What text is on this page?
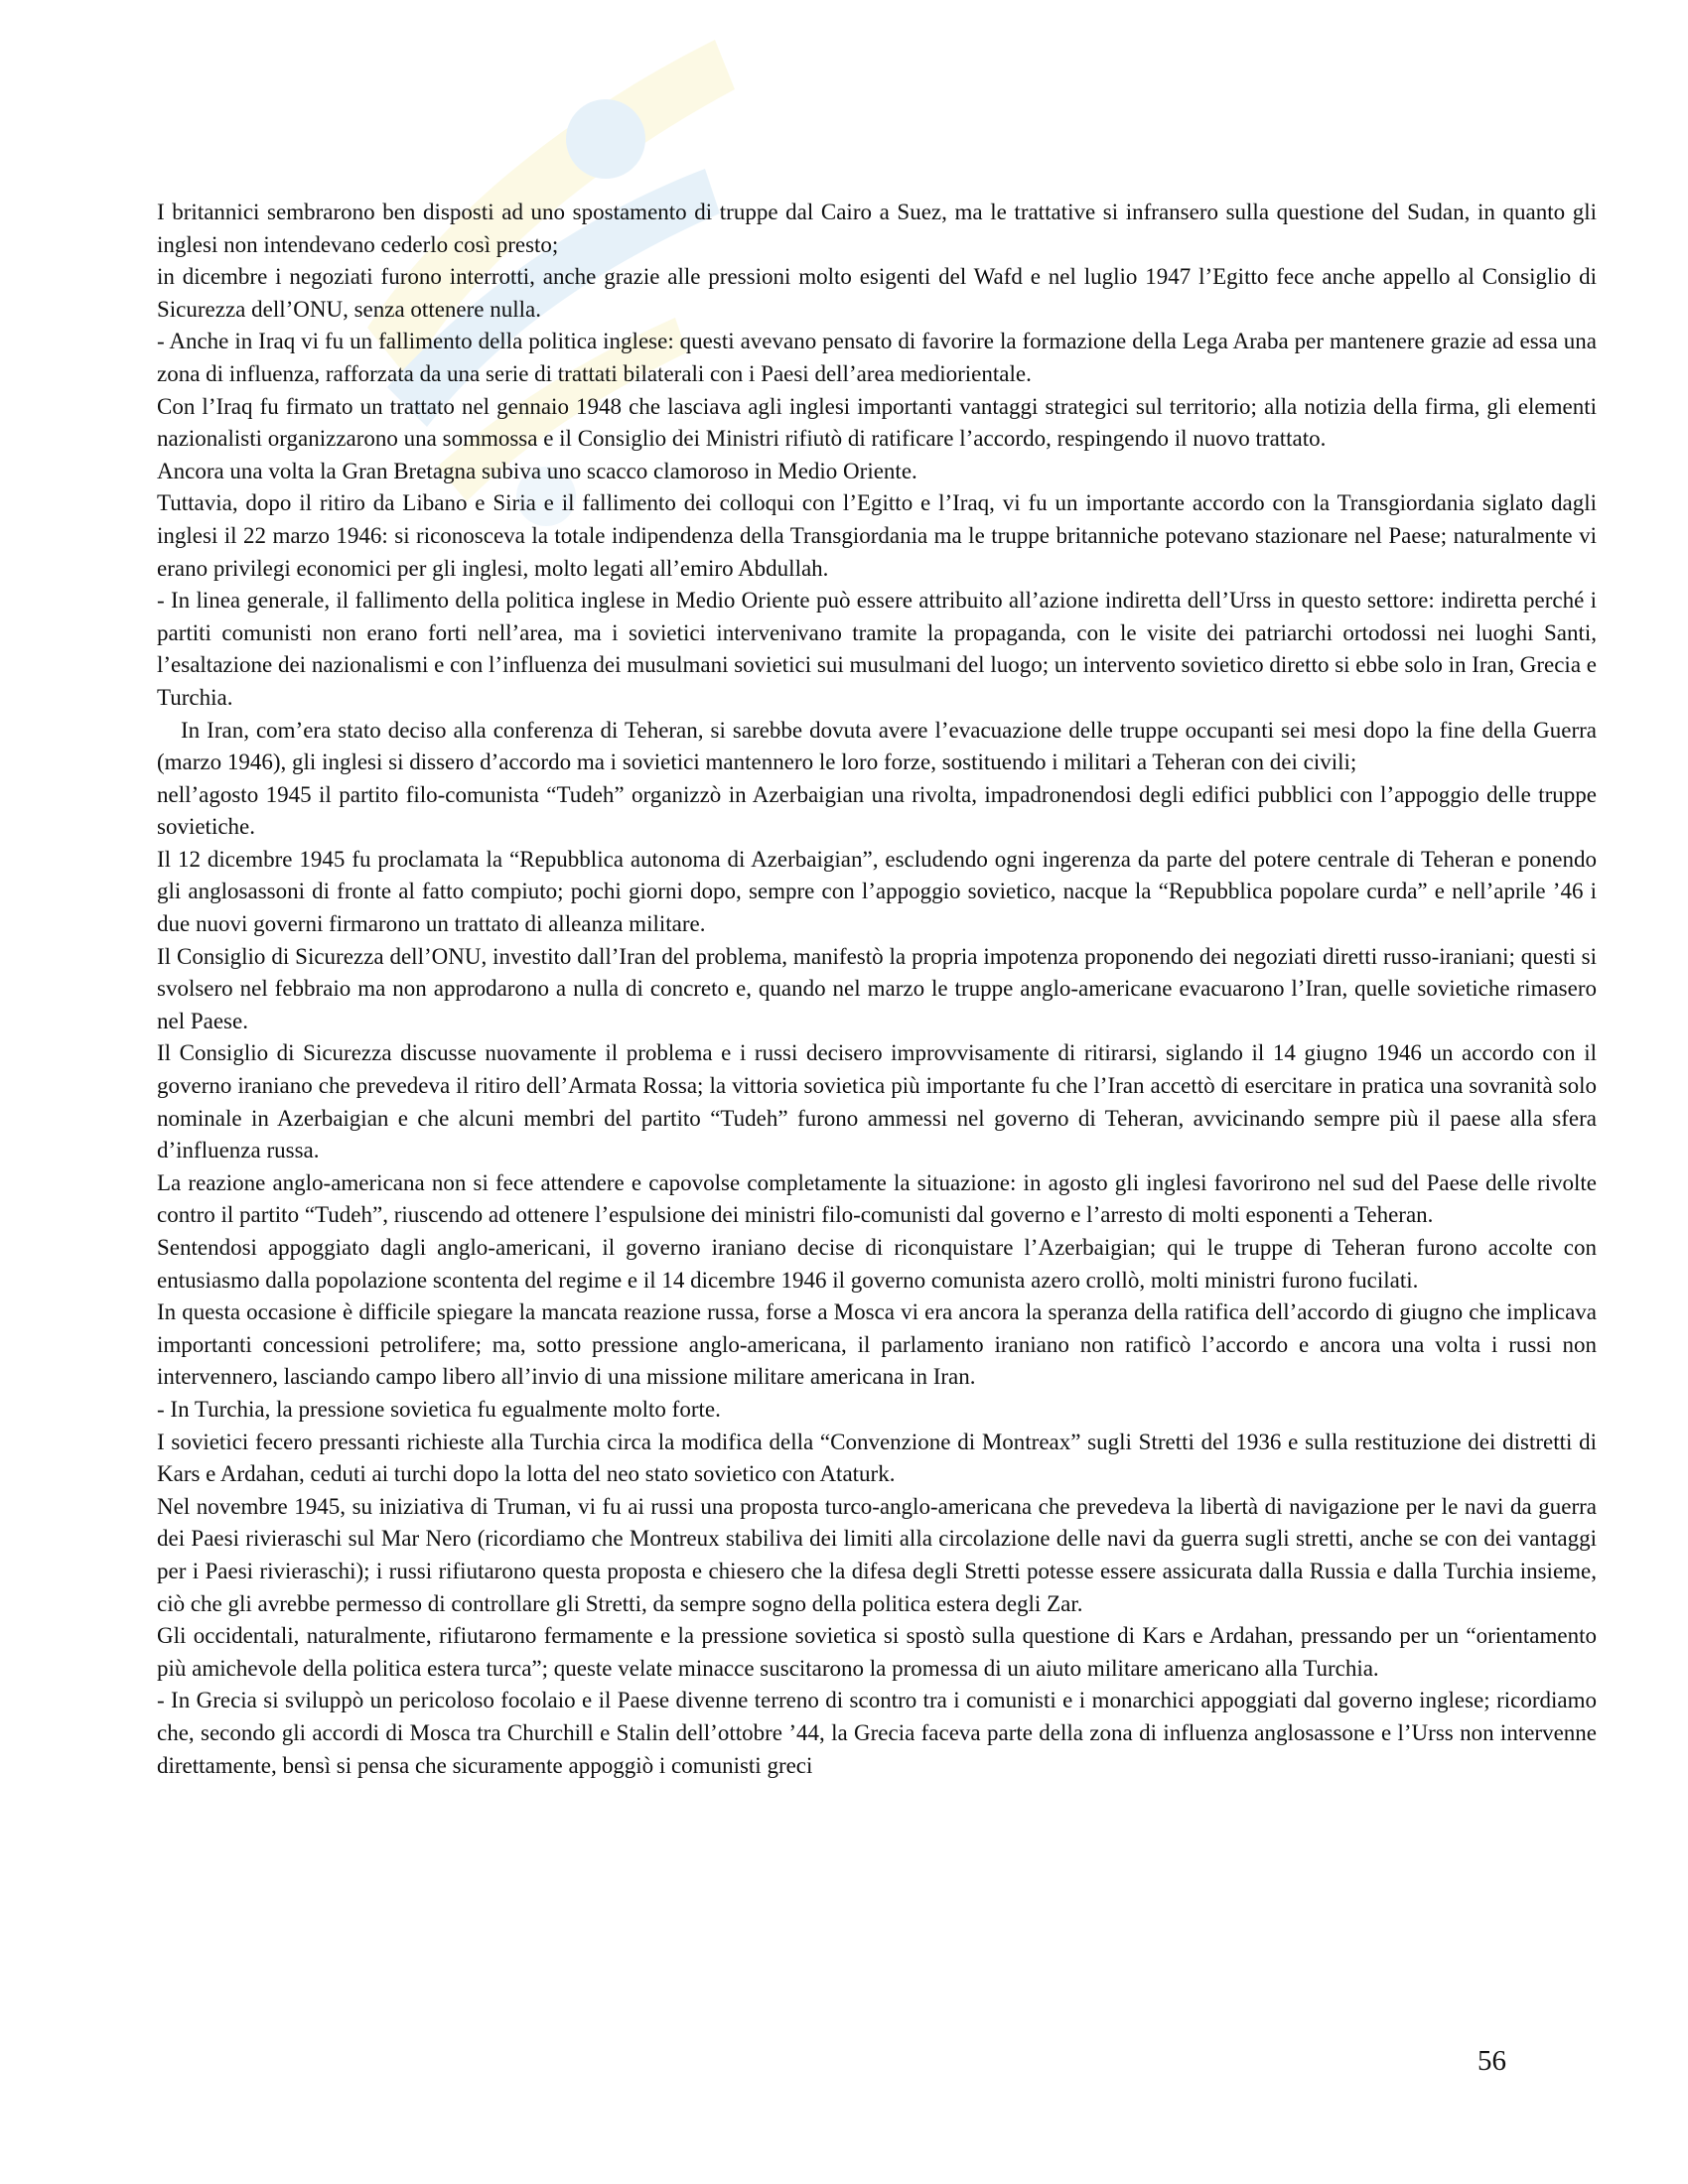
I britannici sembrarono ben disposti ad uno spostamento di truppe dal Cairo a Suez, ma le trattative si infransero sulla questione del Sudan, in quanto gli inglesi non intendevano cederlo così presto;

in dicembre i negoziati furono interrotti, anche grazie alle pressioni molto esigenti del Wafd e nel luglio 1947 l’Egitto fece anche appello al Consiglio di Sicurezza dell’ONU, senza ottenere nulla.

- Anche in Iraq vi fu un fallimento della politica inglese: questi avevano pensato di favorire la formazione della Lega Araba per mantenere grazie ad essa una zona di influenza, rafforzata da una serie di trattati bilaterali con i Paesi dell’area mediorientale.

Con l’Iraq fu firmato un trattato nel gennaio 1948 che lasciava agli inglesi importanti vantaggi strategici sul territorio; alla notizia della firma, gli elementi nazionalisti organizzarono una sommossa e il Consiglio dei Ministri rifiutò di ratificare l’accordo, respingendo il nuovo trattato.

Ancora una volta la Gran Bretagna subiva uno scacco clamoroso in Medio Oriente.

Tuttavia, dopo il ritiro da Libano e Siria e il fallimento dei colloqui con l’Egitto e l’Iraq, vi fu un importante accordo con la Transgiordania siglato dagli inglesi il 22 marzo 1946: si riconosceva la totale indipendenza della Transgiordania ma le truppe britanniche potevano stazionare nel Paese; naturalmente vi erano privilegi economici per gli inglesi, molto legati all’emiro Abdullah.

- In linea generale, il fallimento della politica inglese in Medio Oriente può essere attribuito all’azione indiretta dell’Urss in questo settore: indiretta perché i partiti comunisti non erano forti nell’area, ma i sovietici intervenivano tramite la propaganda, con le visite dei patriarchi ortodossi nei luoghi Santi, l’esaltazione dei nazionalismi e con l’influenza dei musulmani sovietici sui musulmani del luogo; un intervento sovietico diretto si ebbe solo in Iran, Grecia e Turchia.

In Iran, com’era stato deciso alla conferenza di Teheran, si sarebbe dovuta avere l’evacuazione delle truppe occupanti sei mesi dopo la fine della Guerra (marzo 1946), gli inglesi si dissero d’accordo ma i sovietici mantennero le loro forze, sostituendo i militari a Teheran con dei civili;

nell’agosto 1945 il partito filo-comunista “Tudeh” organizzò in Azerbaigian una rivolta, impadronendosi degli edifici pubblici con l’appoggio delle truppe sovietiche.

Il 12 dicembre 1945 fu proclamata la “Repubblica autonoma di Azerbaigian”, escludendo ogni ingerenza da parte del potere centrale di Teheran e ponendo gli anglosassoni di fronte al fatto compiuto; pochi giorni dopo, sempre con l’appoggio sovietico, nacque la “Repubblica popolare curda” e nell’aprile ’46 i due nuovi governi firmarono un trattato di alleanza militare.

Il Consiglio di Sicurezza dell’ONU, investito dall’Iran del problema, manifestò la propria impotenza proponendo dei negoziati diretti russo-iraniani; questi si svolsero nel febbraio ma non approdarono a nulla di concreto e, quando nel marzo le truppe anglo-americane evacuarono l’Iran, quelle sovietiche rimasero nel Paese.

Il Consiglio di Sicurezza discusse nuovamente il problema e i russi decisero improvvisamente di ritirarsi, siglando il 14 giugno 1946 un accordo con il governo iraniano che prevedeva il ritiro dell’Armata Rossa; la vittoria sovietica più importante fu che l’Iran accettò di esercitare in pratica una sovranità solo nominale in Azerbaigian e che alcuni membri del partito “Tudeh” furono ammessi nel governo di Teheran, avvicinando sempre più il paese alla sfera d’influenza russa.

La reazione anglo-americana non si fece attendere e capovolse completamente la situazione: in agosto gli inglesi favorirono nel sud del Paese delle rivolte contro il partito “Tudeh”, riuscendo ad ottenere l’espulsione dei ministri filo-comunisti dal governo e l’arresto di molti esponenti a Teheran.

Sentendosi appoggiato dagli anglo-americani, il governo iraniano decise di riconquistare l’Azerbaigian; qui le truppe di Teheran furono accolte con entusiasmo dalla popolazione scontenta del regime e il 14 dicembre 1946 il governo comunista azero crollò, molti ministri furono fucilati.

In questa occasione è difficile spiegare la mancata reazione russa, forse a Mosca vi era ancora la speranza della ratifica dell’accordo di giugno che implicava importanti concessioni petrolifere; ma, sotto pressione anglo-americana, il parlamento iraniano non ratificò l’accordo e ancora una volta i russi non intervennero, lasciando campo libero all’invio di una missione militare americana in Iran.

- In Turchia, la pressione sovietica fu egualmente molto forte.

I sovietici fecero pressanti richieste alla Turchia circa la modifica della “Convenzione di Montreax” sugli Stretti del 1936 e sulla restituzione dei distretti di Kars e Ardahan, ceduti ai turchi dopo la lotta del neo stato sovietico con Ataturk.

Nel novembre 1945, su iniziativa di Truman, vi fu ai russi una proposta turco-anglo-americana che prevedeva la libertà di navigazione per le navi da guerra dei Paesi rivieraschi sul Mar Nero (ricordiamo che Montreux stabiliva dei limiti alla circolazione delle navi da guerra sugli stretti, anche se con dei vantaggi per i Paesi rivieraschi); i russi rifiutarono questa proposta e chiesero che la difesa degli Stretti potesse essere assicurata dalla Russia e dalla Turchia insieme, ciò che gli avrebbe permesso di controllare gli Stretti, da sempre sogno della politica estera degli Zar.

Gli occidentali, naturalmente, rifiutarono fermamente e la pressione sovietica si spostò sulla questione di Kars e Ardahan, pressando per un “orientamento più amichevole della politica estera turca”; queste velate minacce suscitarono la promessa di un aiuto militare americano alla Turchia.

- In Grecia si sviluppò un pericoloso focolaio e il Paese divenne terreno di scontro tra i comunisti e i monarchici appoggiati dal governo inglese; ricordiamo che, secondo gli accordi di Mosca tra Churchill e Stalin dell’ottobre ’44, la Grecia faceva parte della zona di influenza anglosassone e l’Urss non intervenne direttamente, bensì si pensa che sicuramente appoggiò i comunisti greci

56
